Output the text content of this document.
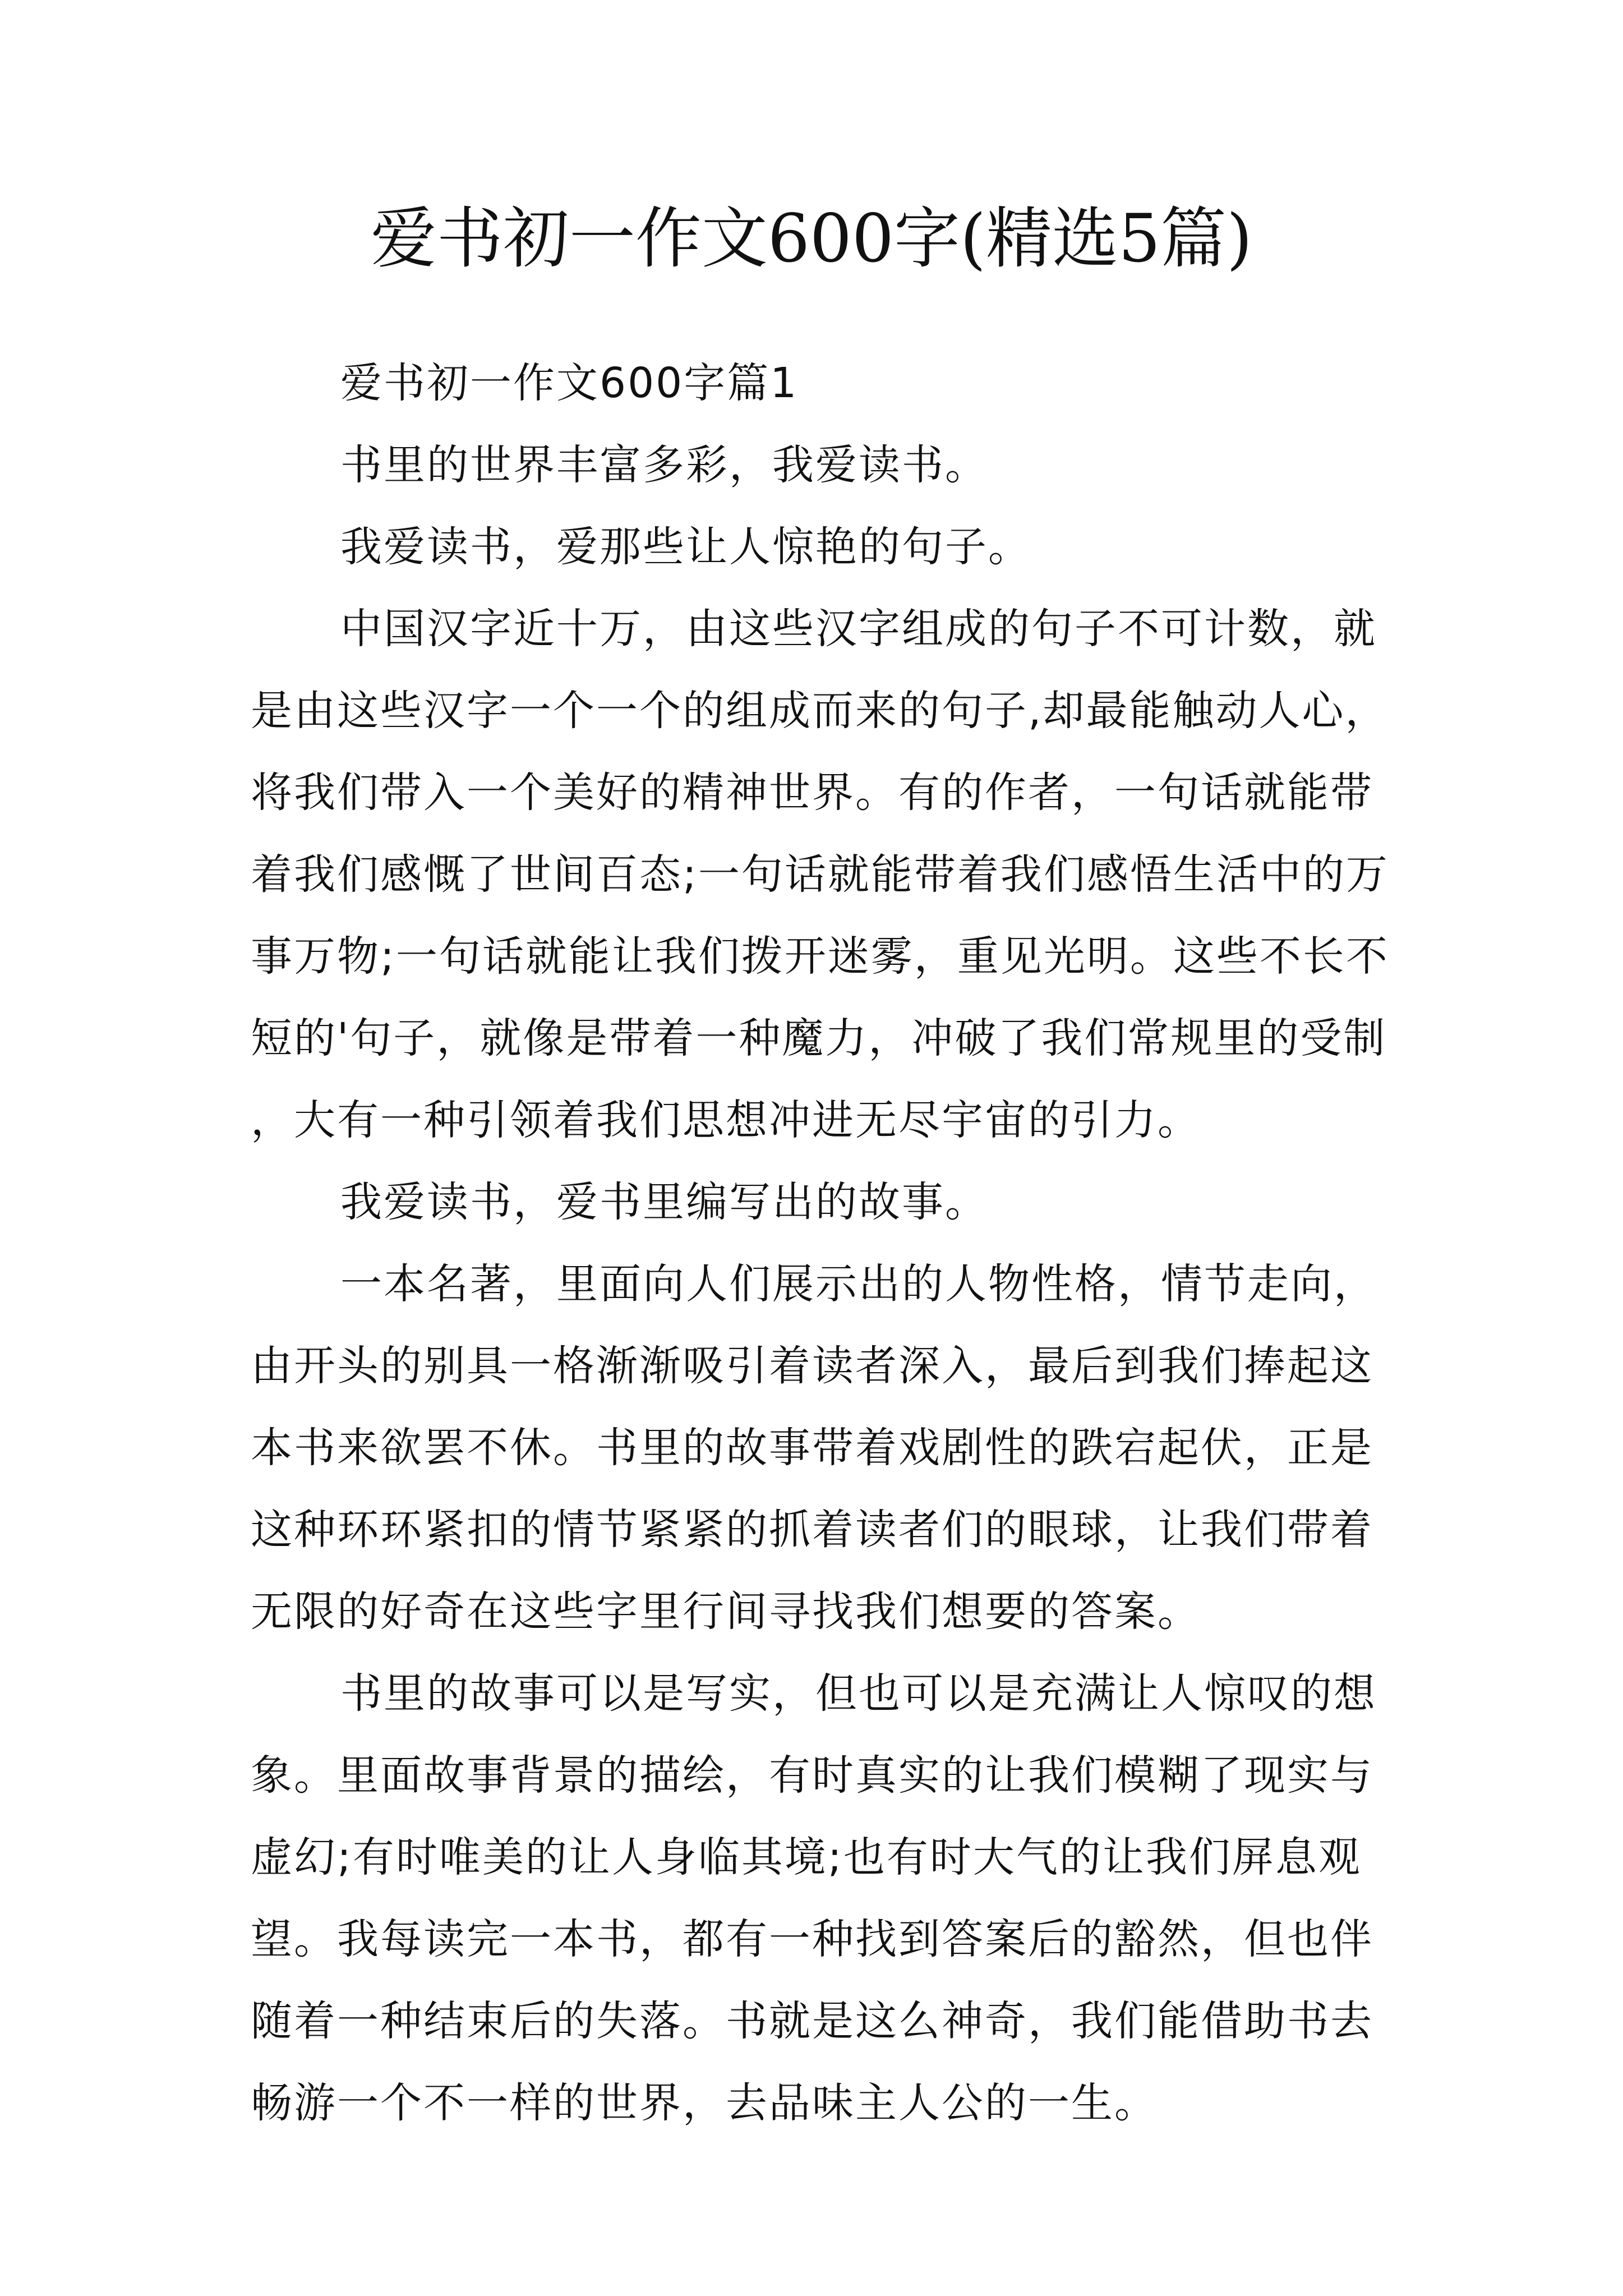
爱书初一作文600字(精选5篇)

爱书初一作文600字篇1

书里的世界丰富多彩，我爱读书。

我爱读书，爱那些让人惊艳的句子。

中国汉字近十万，由这些汉字组成的句子不可计数，就是由这些汉字一个一个的组成而来的句子,却最能触动人心，将我们带入一个美好的精神世界。有的作者，一句话就能带着我们感慨了世间百态;一句话就能带着我们感悟生活中的万事万物;一句话就能让我们拨开迷雾，重见光明。这些不长不短的'句子，就像是带着一种魔力，冲破了我们常规里的受制，大有一种引领着我们思想冲进无尽宇宙的引力。

我爱读书，爱书里编写出的故事。

一本名著，里面向人们展示出的人物性格，情节走向，由开头的别具一格渐渐吸引着读者深入，最后到我们捧起这本书来欲罢不休。书里的故事带着戏剧性的跌宕起伏，正是这种环环紧扣的情节紧紧的抓着读者们的眼球，让我们带着无限的好奇在这些字里行间寻找我们想要的答案。

书里的故事可以是写实，但也可以是充满让人惊叹的想象。里面故事背景的描绘，有时真实的让我们模糊了现实与虚幻;有时唯美的让人身临其境;也有时大气的让我们屏息观望。我每读完一本书，都有一种找到答案后的豁然，但也伴随着一种结束后的失落。书就是这么神奇，我们能借助书去畅游一个不一样的世界，去品味主人公的一生。
